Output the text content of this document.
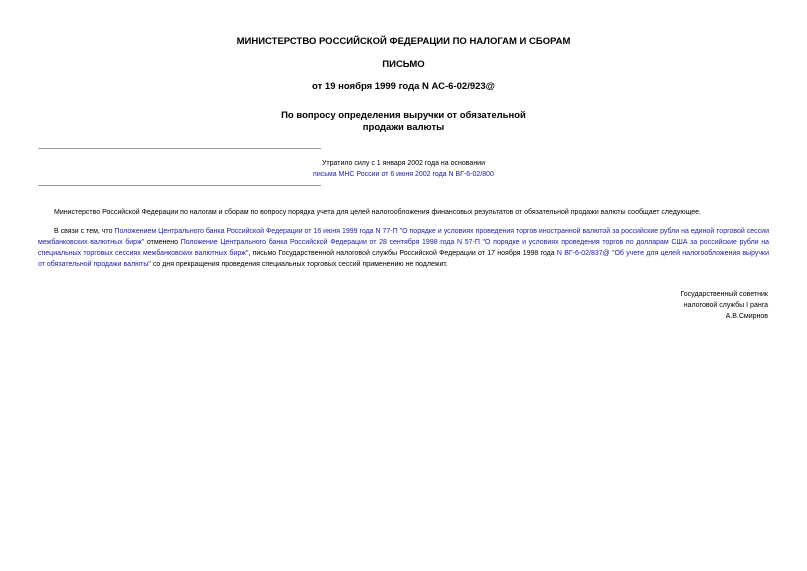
МИНИСТЕРСТВО РОССИЙСКОЙ ФЕДЕРАЦИИ ПО НАЛОГАМ И СБОРАМ
ПИСЬМО
от 19 ноября 1999 года N АС-6-02/923@
По вопросу определения выручки от обязательной
продажи валюты
Утратило силу с 1 января 2002 года на основании
письма МНС России от 6 июня 2002 года N ВГ-6-02/800
Министерство Российской Федерации по налогам и сборам по вопросу порядка учета для целей налогообложения финансовых результатов от обязательной продажи валюты сообщает следующее.
В связи с тем, что Положением Центрального банка Российской Федерации от 16 июня 1999 года N 77-П "О порядке и условиях проведения торгов иностранной валютой за российские рубли на единой торговой сессии межбанковских валютных бирж" отменено Положение Центрального банка Российской Федерации от 28 сентября 1998 года N 57-П "О порядке и условиях проведения торгов по долларам США за российские рубли на специальных торговых сессиях межбанковских валютных бирж", письмо Государственной налоговой службы Российской Федерации от 17 ноября 1998 года N ВГ-6-02/837@ "Об учете для целей налогообложения выручки от обязательной продажи валюты" со дня прекращения проведения специальных торговых сессий применению не подлежит.
Государственный советник
налоговой службы I ранга
А.В.Смирнов
